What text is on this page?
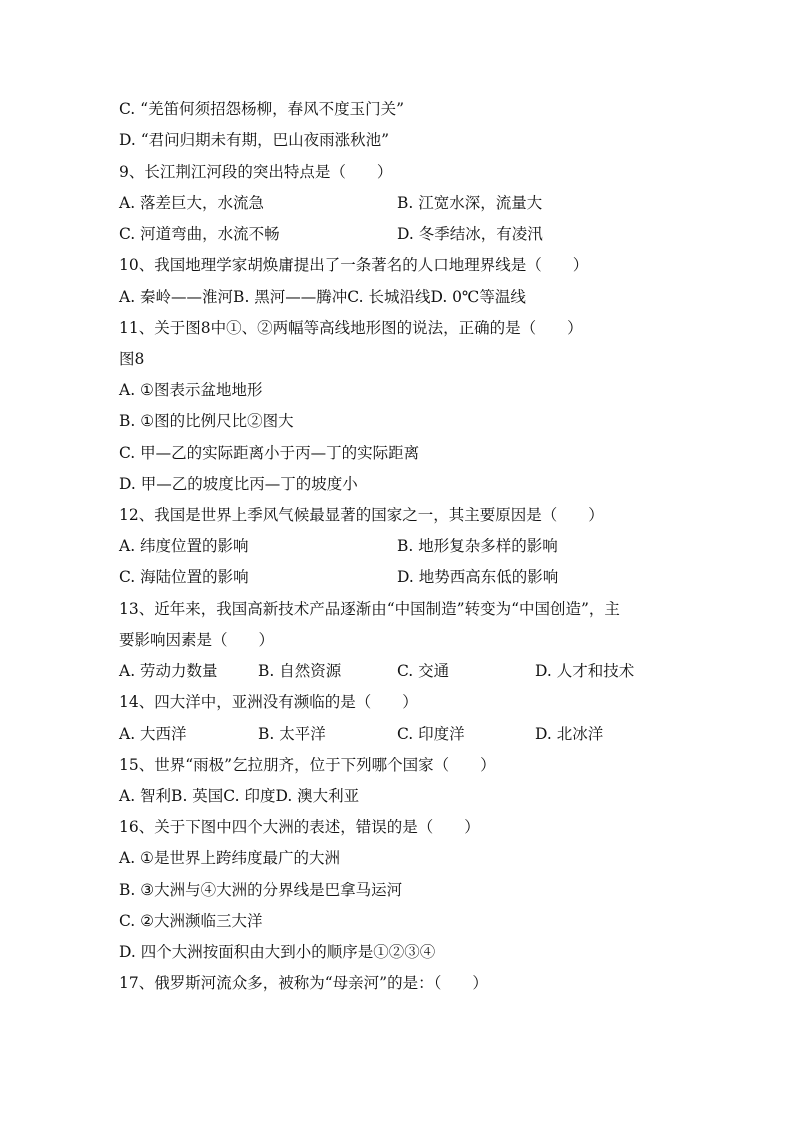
C. “羌笛何须招怨杨柳，春风不度玉门关”
D. “君问归期未有期，巴山夜雨涨秋池”
9、长江荆江河段的突出特点是（　　）
A. 落差巨大，水流急	B. 江宽水深，流量大
C. 河道弯曲，水流不畅	D. 冬季结冰，有凌汛
10、我国地理学家胡焕庸提出了一条著名的人口地理界线是（　　）
A. 秦岭——淮河B. 黑河——腾冲C. 长城沿线D. 0℃等温线
11、关于图8中①、②两幅等高线地形图的说法，正确的是（　　）
图8
A. ①图表示盆地地形
B. ①图的比例尺比②图大
C. 甲—乙的实际距离小于丙—丁的实际距离
D. 甲—乙的坡度比丙—丁的坡度小
12、我国是世界上季风气候最显著的国家之一，其主要原因是（　　）
A. 纬度位置的影响	B. 地形复杂多样的影响
C. 海陆位置的影响	D. 地势西高东低的影响
13、近年来，我国高新技术产品逐渐由“中国制造”转变为“中国创造”，主
要影响因素是（　　）
A. 劳动力数量	B. 自然资源	C. 交通	D. 人才和技术
14、四大洋中，亚洲没有濒临的是（　　）
A. 大西洋	B. 太平洋	C. 印度洋	D. 北冰洋
15、世界“雨极”乞拉朋齐，位于下列哪个国家（　　）
A. 智利B. 英国C. 印度D. 澳大利亚
16、关于下图中四个大洲的表述，错误的是（　　）
A. ①是世界上跨纬度最广的大洲
B. ③大洲与④大洲的分界线是巴拿马运河
C. ②大洲濒临三大洋
D. 四个大洲按面积由大到小的顺序是①②③④
17、俄罗斯河流众多，被称为“母亲河”的是：（　　）
